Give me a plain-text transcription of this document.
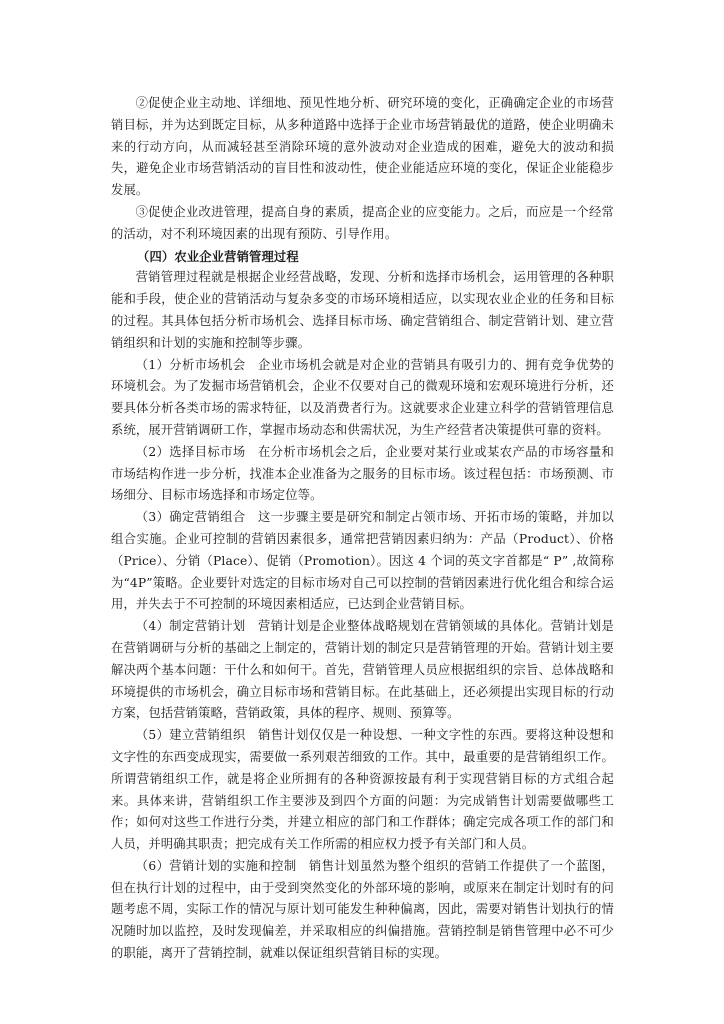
②促使企业主动地、详细地、预见性地分析、研究环境的变化，正确确定企业的市场营销目标，并为达到既定目标，从多种道路中选择于企业市场营销最优的道路，使企业明确未来的行动方向，从而减轻甚至消除环境的意外波动对企业造成的困难，避免大的波动和损失，避免企业市场营销活动的盲目性和波动性，使企业能适应环境的变化，保证企业能稳步发展。

③促使企业改进管理，提高自身的素质，提高企业的应变能力。之后，而应是一个经常的活动，对不利环境因素的出现有预防、引导作用。

（四）农业企业营销管理过程

营销管理过程就是根据企业经营战略，发现、分析和选择市场机会，运用管理的各种职能和手段，使企业的营销活动与复杂多变的市场环境相适应，以实现农业企业的任务和目标的过程。其具体包括分析市场机会、选择目标市场、确定营销组合、制定营销计划、建立营销组织和计划的实施和控制等步骤。

（1）分析市场机会 企业市场机会就是对企业的营销具有吸引力的、拥有竞争优势的环境机会。为了发掘市场营销机会，企业不仅要对自己的微观环境和宏观环境进行分析，还要具体分析各类市场的需求特征，以及消费者行为。这就要求企业建立科学的营销管理信息系统，展开营销调研工作，掌握市场动态和供需状况，为生产经营者决策提供可靠的资料。

（2）选择目标市场 在分析市场机会之后，企业要对某行业或某农产品的市场容量和市场结构作进一步分析，找准本企业准备为之服务的目标市场。该过程包括：市场预测、市场细分、目标市场选择和市场定位等。

（3）确定营销组合 这一步骤主要是研究和制定占领市场、开拓市场的策略，并加以组合实施。企业可控制的营销因素很多，通常把营销因素归纳为：产品（Product）、价格（Price）、分销（Place）、促销（Promotion）。因这 4 个词的英文字首都是“ P” ,故简称为“4P”策略。企业要针对选定的目标市场对自己可以控制的营销因素进行优化组合和综合运用，并失去于不可控制的环境因素相适应，已达到企业营销目标。

（4）制定营销计划 营销计划是企业整体战略规划在营销领域的具体化。营销计划是在营销调研与分析的基础之上制定的，营销计划的制定只是营销管理的开始。营销计划主要解决两个基本问题：干什么和如何干。首先，营销管理人员应根据组织的宗旨、总体战略和环境提供的市场机会，确立目标市场和营销目标。在此基础上，还必须提出实现目标的行动方案，包括营销策略，营销政策，具体的程序、规则、预算等。

（5）建立营销组织 销售计划仅仅是一种设想、一种文字性的东西。要将这种设想和文字性的东西变成现实，需要做一系列艰苦细致的工作。其中，最重要的是营销组织工作。所谓营销组织工作，就是将企业所拥有的各种资源按最有利于实现营销目标的方式组合起来。具体来讲，营销组织工作主要涉及到四个方面的问题：为完成销售计划需要做哪些工作；如何对这些工作进行分类，并建立相应的部门和工作群体；确定完成各项工作的部门和人员，并明确其职责；把完成有关工作所需的相应权力授予有关部门和人员。

（6）营销计划的实施和控制 销售计划虽然为整个组织的营销工作提供了一个蓝图，但在执行计划的过程中，由于受到突然变化的外部环境的影响，或原来在制定计划时有的问题考虑不周，实际工作的情况与原计划可能发生种种偏离，因此，需要对销售计划执行的情况随时加以监控，及时发现偏差，并采取相应的纠偏措施。营销控制是销售管理中必不可少的职能，离开了营销控制，就难以保证组织营销目标的实现。
